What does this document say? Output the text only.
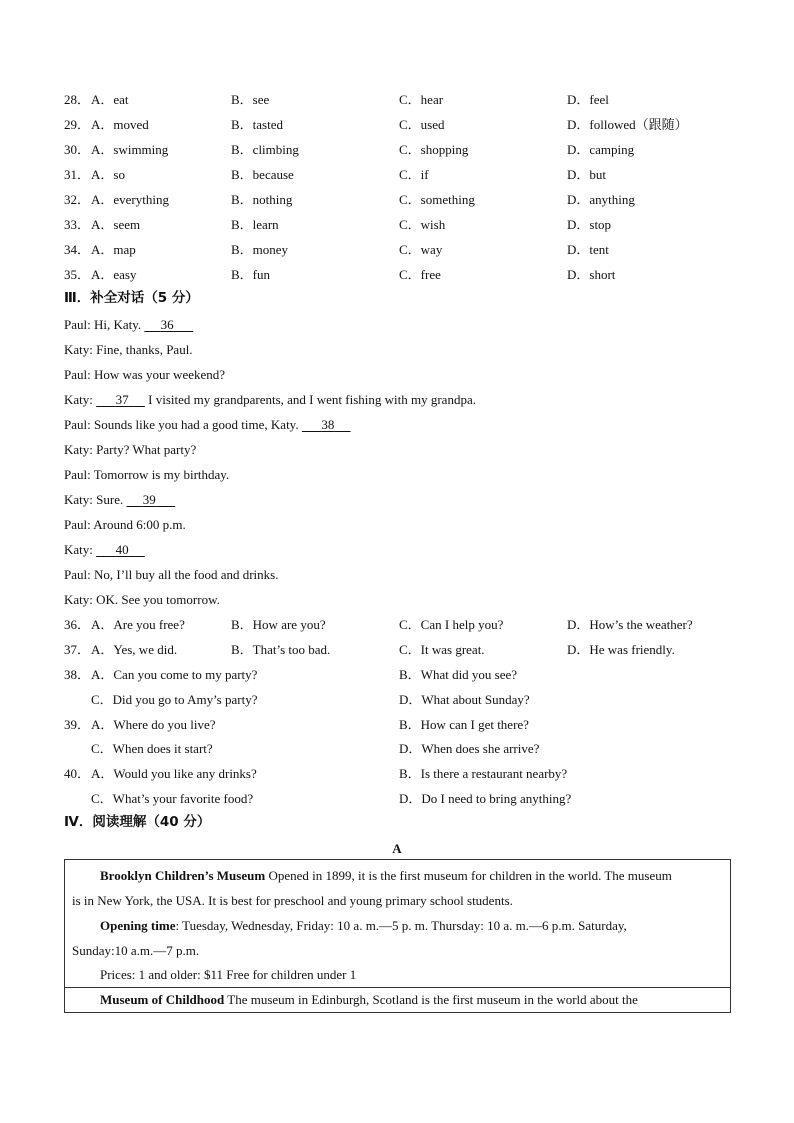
28． A．eat	B．see	C．hear	D．feel
29． A．moved	B．tasted	C．used	D．followed（跟随）
30． A．swimming	B．climbing	C．shopping	D．camping
31． A．so	B．because	C．if	D．but
32． A．everything	B．nothing	C．something	D．anything
33． A．seem	B．learn	C．wish	D．stop
34． A．map	B．money	C．way	D．tent
35． A．easy	B．fun	C．free	D．short
Ⅲ．补全对话（5 分）
Paul: Hi, Katy. 36
Katy: Fine, thanks, Paul.
Paul: How was your weekend?
Katy: 37 I visited my grandparents, and I went fishing with my grandpa.
Paul: Sounds like you had a good time, Katy. 38
Katy: Party? What party?
Paul: Tomorrow is my birthday.
Katy: Sure. 39
Paul: Around 6:00 p.m.
Katy: 40
Paul: No, I’ll buy all the food and drinks.
Katy: OK. See you tomorrow.
36． A．Are you free?	B．How are you?	C．Can I help you?	D．How’s the weather?
37． A．Yes, we did.	B．That’s too bad.	C．It was great.	D．He was friendly.
38． A．Can you come to my party?	B．What did you see?
C．Did you go to Amy’s party?	D．What about Sunday?
39． A．Where do you live?	B．How can I get there?
C．When does it start?	D．When does she arrive?
40． A．Would you like any drinks?	B．Is there a restaurant nearby?
C．What’s your favorite food?	D．Do I need to bring anything?
Ⅳ．阅读理解（40 分）
A
Brooklyn Children’s Museum Opened in 1899, it is the first museum for children in the world. The museum
is in New York, the USA. It is best for preschool and young primary school students.
Opening time: Tuesday, Wednesday, Friday: 10 a. m.—5 p. m. Thursday: 10 a. m.—6 p.m. Saturday,
Sunday:10 a.m.—7 p.m.
Prices: 1 and older: $11 Free for children under 1
Museum of Childhood The museum in Edinburgh, Scotland is the first museum in the world about the
